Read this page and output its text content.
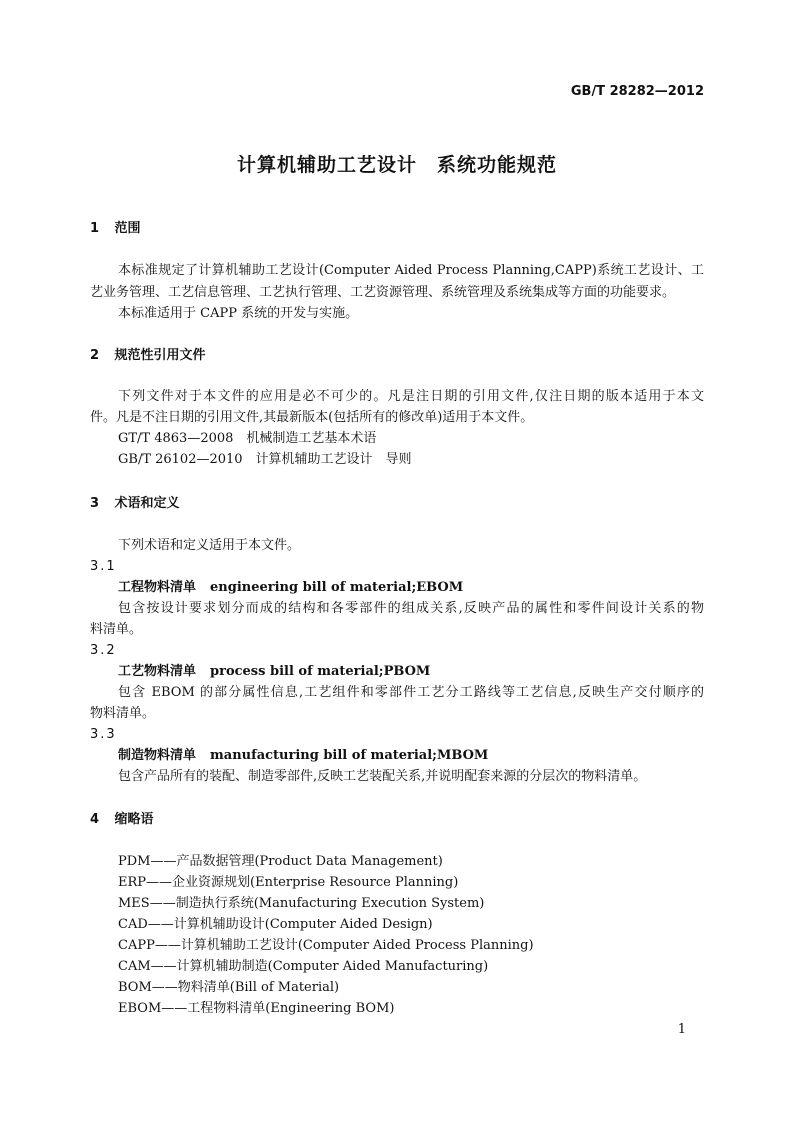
GB/T 28282—2012
计算机辅助工艺设计　系统功能规范
1 范围
本标准规定了计算机辅助工艺设计(Computer Aided Process Planning,CAPP)系统工艺设计、工
艺业务管理、工艺信息管理、工艺执行管理、工艺资源管理、系统管理及系统集成等方面的功能要求。
本标准适用于 CAPP 系统的开发与实施。
2 规范性引用文件
下列文件对于本文件的应用是必不可少的。凡是注日期的引用文件,仅注日期的版本适用于本文
件。凡是不注日期的引用文件,其最新版本(包括所有的修改单)适用于本文件。
GT/T 4863—2008　机械制造工艺基本术语
GB/T 26102—2010　计算机辅助工艺设计　导则
3 术语和定义
下列术语和定义适用于本文件。
3.1
工程物料清单 engineering bill of material;EBOM
包含按设计要求划分而成的结构和各零部件的组成关系,反映产品的属性和零件间设计关系的物
料清单。
3.2
工艺物料清单 process bill of material;PBOM
包含 EBOM 的部分属性信息,工艺组件和零部件工艺分工路线等工艺信息,反映生产交付顺序的
物料清单。
3.3
制造物料清单 manufacturing bill of material;MBOM
包含产品所有的装配、制造零部件,反映工艺装配关系,并说明配套来源的分层次的物料清单。
4 缩略语
PDM——产品数据管理(Product Data Management)
ERP——企业资源规划(Enterprise Resource Planning)
MES——制造执行系统(Manufacturing Execution System)
CAD——计算机辅助设计(Computer Aided Design)
CAPP——计算机辅助工艺设计(Computer Aided Process Planning)
CAM——计算机辅助制造(Computer Aided Manufacturing)
BOM——物料清单(Bill of Material)
EBOM——工程物料清单(Engineering BOM)
1
